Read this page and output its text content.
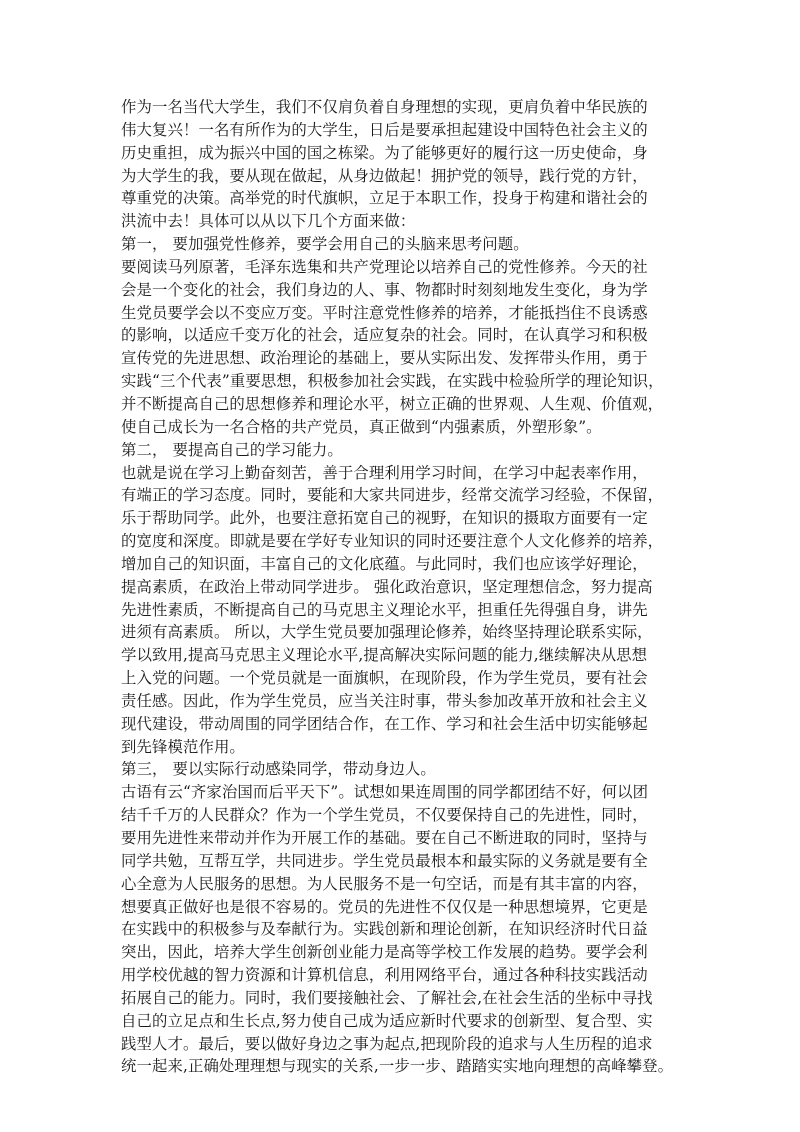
作为一名当代大学生，我们不仅肩负着自身理想的实现，更肩负着中华民族的
伟大复兴！一名有所作为的大学生，日后是要承担起建设中国特色社会主义的
历史重担，成为振兴中国的国之栋梁。为了能够更好的履行这一历史使命，身
为大学生的我，要从现在做起，从身边做起！拥护党的领导，践行党的方针，
尊重党的决策。高举党的时代旗帜，立足于本职工作，投身于构建和谐社会的
洪流中去！具体可以从以下几个方面来做：
第一， 要加强党性修养，要学会用自己的头脑来思考问题。
要阅读马列原著，毛泽东选集和共产党理论以培养自己的党性修养。今天的社
会是一个变化的社会，我们身边的人、事、物都时时刻刻地发生变化，身为学
生党员要学会以不变应万变。平时注意党性修养的培养，才能抵挡住不良诱惑
的影响，以适应千变万化的社会，适应复杂的社会。同时，在认真学习和积极
宣传党的先进思想、政治理论的基础上，要从实际出发、发挥带头作用，勇于
实践“三个代表”重要思想，积极参加社会实践，在实践中检验所学的理论知识，
并不断提高自己的思想修养和理论水平，树立正确的世界观、人生观、价值观，
使自己成长为一名合格的共产党员，真正做到“内强素质，外塑形象”。
第二， 要提高自己的学习能力。
也就是说在学习上勤奋刻苦，善于合理利用学习时间，在学习中起表率作用，
有端正的学习态度。同时，要能和大家共同进步，经常交流学习经验，不保留，
乐于帮助同学。此外，也要注意拓宽自己的视野，在知识的摄取方面要有一定
的宽度和深度。即就是要在学好专业知识的同时还要注意个人文化修养的培养，
增加自己的知识面，丰富自己的文化底蕴。与此同时，我们也应该学好理论，
提高素质，在政治上带动同学进步。 强化政治意识，坚定理想信念，努力提高
先进性素质，不断提高自己的马克思主义理论水平，担重任先得强自身，讲先
进须有高素质。 所以，大学生党员要加强理论修养，始终坚持理论联系实际，
学以致用,提高马克思主义理论水平,提高解决实际问题的能力,继续解决从思想
上入党的问题。一个党员就是一面旗帜，在现阶段，作为学生党员，要有社会
责任感。因此，作为学生党员，应当关注时事，带头参加改革开放和社会主义
现代建设，带动周围的同学团结合作，在工作、学习和社会生活中切实能够起
到先锋模范作用。
第三， 要以实际行动感染同学，带动身边人。
古语有云“齐家治国而后平天下”。试想如果连周围的同学都团结不好，何以团
结千千万的人民群众？作为一个学生党员，不仅要保持自己的先进性，同时，
要用先进性来带动并作为开展工作的基础。要在自己不断进取的同时，坚持与
同学共勉，互帮互学，共同进步。学生党员最根本和最实际的义务就是要有全
心全意为人民服务的思想。为人民服务不是一句空话，而是有其丰富的内容，
想要真正做好也是很不容易的。党员的先进性不仅仅是一种思想境界，它更是
在实践中的积极参与及奉献行为。实践创新和理论创新，在知识经济时代日益
突出，因此，培养大学生创新创业能力是高等学校工作发展的趋势。要学会利
用学校优越的智力资源和计算机信息，利用网络平台，通过各种科技实践活动
拓展自己的能力。同时，我们要接触社会、了解社会,在社会生活的坐标中寻找
自己的立足点和生长点,努力使自己成为适应新时代要求的创新型、复合型、实
践型人才。最后，要以做好身边之事为起点,把现阶段的追求与人生历程的追求
统一起来,正确处理理想与现实的关系,一步一步、踏踏实实地向理想的高峰攀登。
